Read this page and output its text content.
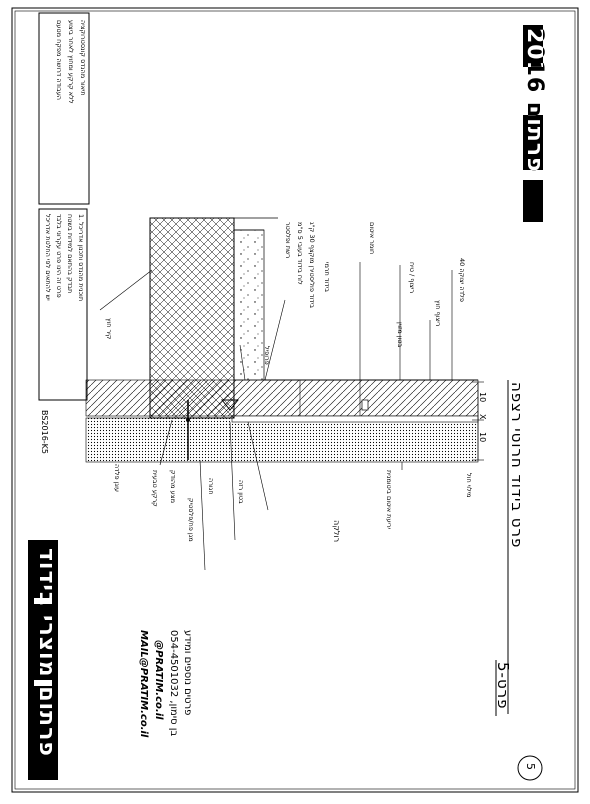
פרט בידוד חרוטי רצפה
פרט-5
5
BS2016-K5
פרתום 2016
פרתום מוצרי בידוד	פרטים נוספים ומידע
054-4501032 ,בן סימון
@PRATIM.co.il
MAIL@PRATIM.co.il
10
X
10
תיאור מהנדס קונסטרוקציה
ללא קרקע ומחוץ לאחר ביצוע
העבודה דרושה מפקח מטעם
1. תוכנית מהנדס ותכנון אדריכל
תבדק בהתאם למידות בשטח
פרט זה הינו פרט עקרוני בלבד
יש להתאים לפי החלטת אדריכל	ריצוף / טיח
ריצוף חוץ
בטון מזוין
פלדה יצוקה 40
בידוד תרמי
חומר איטום
קיר חוץ
פרופיל
מילוי חול
רולקה
בטון רזה
חגורה
מצע מהודק
קרקע טבעית
בידוד פוליסטירן מוקצף 30 ק"ג
לוח בידוד בעובי 5 ס"מ
רשת ופלסטר
יריעת איטום ביטומנית
מגן פח/פלסטיק
עוגן פלדה
